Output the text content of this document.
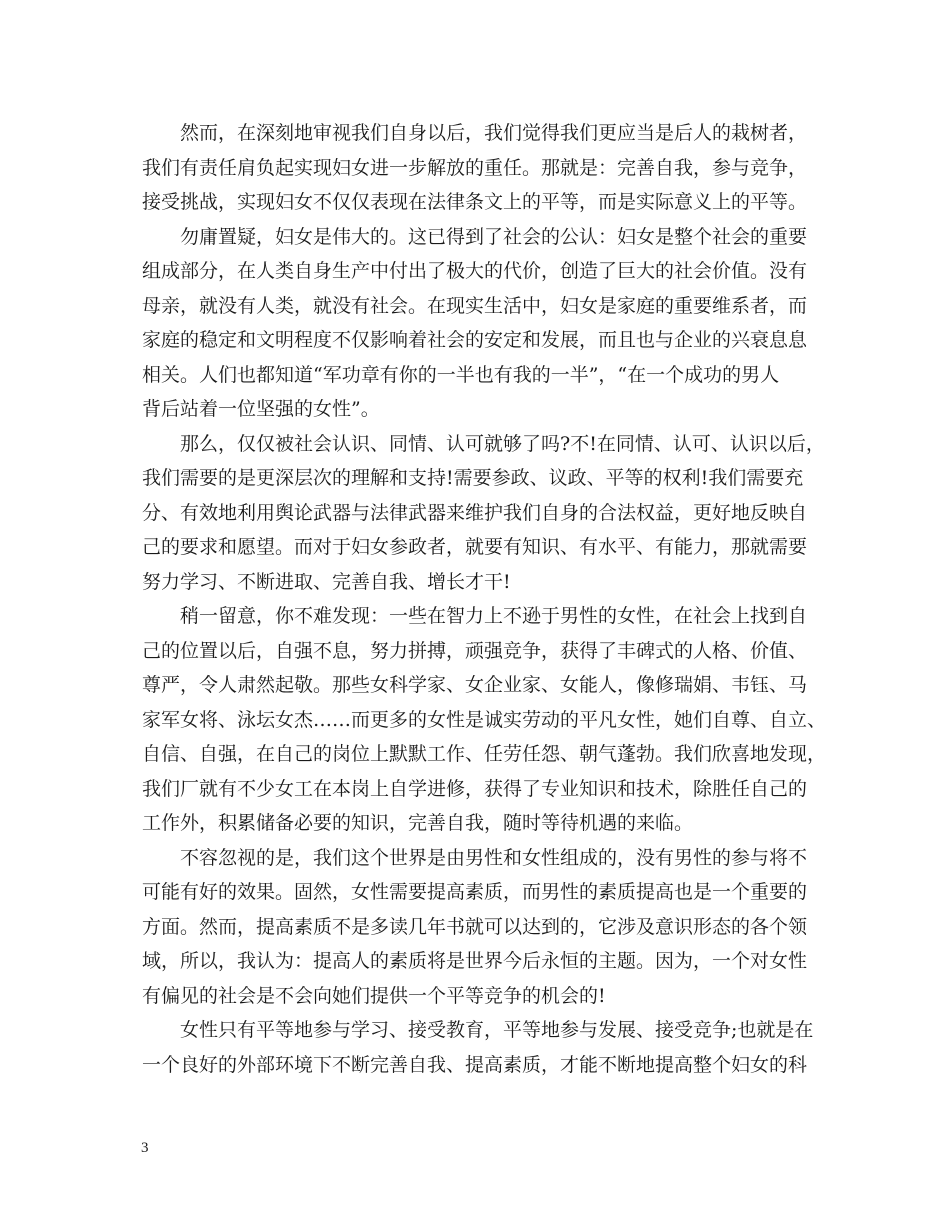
然而，在深刻地审视我们自身以后，我们觉得我们更应当是后人的栽树者，
我们有责任肩负起实现妇女进一步解放的重任。那就是：完善自我，参与竞争，
接受挑战，实现妇女不仅仅表现在法律条文上的平等，而是实际意义上的平等。
勿庸置疑，妇女是伟大的。这已得到了社会的公认：妇女是整个社会的重要
组成部分，在人类自身生产中付出了极大的代价，创造了巨大的社会价值。没有
母亲，就没有人类，就没有社会。在现实生活中，妇女是家庭的重要维系者，而
家庭的稳定和文明程度不仅影响着社会的安定和发展，而且也与企业的兴衰息息
相关。人们也都知道“军功章有你的一半也有我的一半”，“在一个成功的男人
背后站着一位坚强的女性”。
那么，仅仅被社会认识、同情、认可就够了吗?不!在同情、认可、认识以后，
我们需要的是更深层次的理解和支持!需要参政、议政、平等的权利!我们需要充
分、有效地利用舆论武器与法律武器来维护我们自身的合法权益，更好地反映自
己的要求和愿望。而对于妇女参政者，就要有知识、有水平、有能力，那就需要
努力学习、不断进取、完善自我、增长才干!
稍一留意，你不难发现：一些在智力上不逊于男性的女性，在社会上找到自
己的位置以后，自强不息，努力拼搏，顽强竞争，获得了丰碑式的人格、价值、
尊严，令人肃然起敬。那些女科学家、女企业家、女能人，像修瑞娟、韦钰、马
家军女将、泳坛女杰……而更多的女性是诚实劳动的平凡女性，她们自尊、自立、
自信、自强，在自己的岗位上默默工作、任劳任怨、朝气蓬勃。我们欣喜地发现，
我们厂就有不少女工在本岗上自学进修，获得了专业知识和技术，除胜任自己的
工作外，积累储备必要的知识，完善自我，随时等待机遇的来临。
不容忽视的是，我们这个世界是由男性和女性组成的，没有男性的参与将不
可能有好的效果。固然，女性需要提高素质，而男性的素质提高也是一个重要的
方面。然而，提高素质不是多读几年书就可以达到的，它涉及意识形态的各个领
域，所以，我认为：提高人的素质将是世界今后永恒的主题。因为，一个对女性
有偏见的社会是不会向她们提供一个平等竞争的机会的!
女性只有平等地参与学习、接受教育，平等地参与发展、接受竞争;也就是在
一个良好的外部环境下不断完善自我、提高素质，才能不断地提高整个妇女的科
3
